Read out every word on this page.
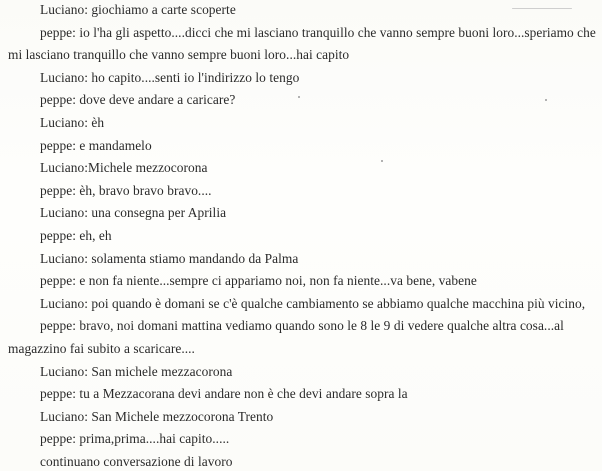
Luciano: giochiamo a carte scoperte
peppe: io l'ha gli aspetto....dicci che mi lasciano tranquillo che vanno sempre buoni loro...speriamo che
mi lasciano tranquillo che vanno sempre buoni loro...hai capito
Luciano: ho capito....senti io l'indirizzo lo tengo
peppe: dove deve andare a caricare?
Luciano: èh
peppe: e mandamelo
Luciano:Michele mezzocorona
peppe: èh, bravo bravo bravo....
Luciano: una consegna per Aprilia
peppe: eh, eh
Luciano: solamenta stiamo mandando da Palma
peppe: e non fa niente...sempre ci appariamo noi, non fa niente...va bene, vabene
Luciano: poi quando è domani se c'è qualche cambiamento se abbiamo qualche macchina più vicino,
peppe: bravo, noi domani mattina vediamo quando sono le 8 le 9 di vedere qualche altra cosa...al
magazzino fai subito a scaricare....
Luciano: San michele mezzacorona
peppe: tu a Mezzacorana devi andare non è che devi andare sopra la
Luciano: San Michele mezzocorona Trento
peppe: prima,prima....hai capito.....
continuano conversazione di lavoro
